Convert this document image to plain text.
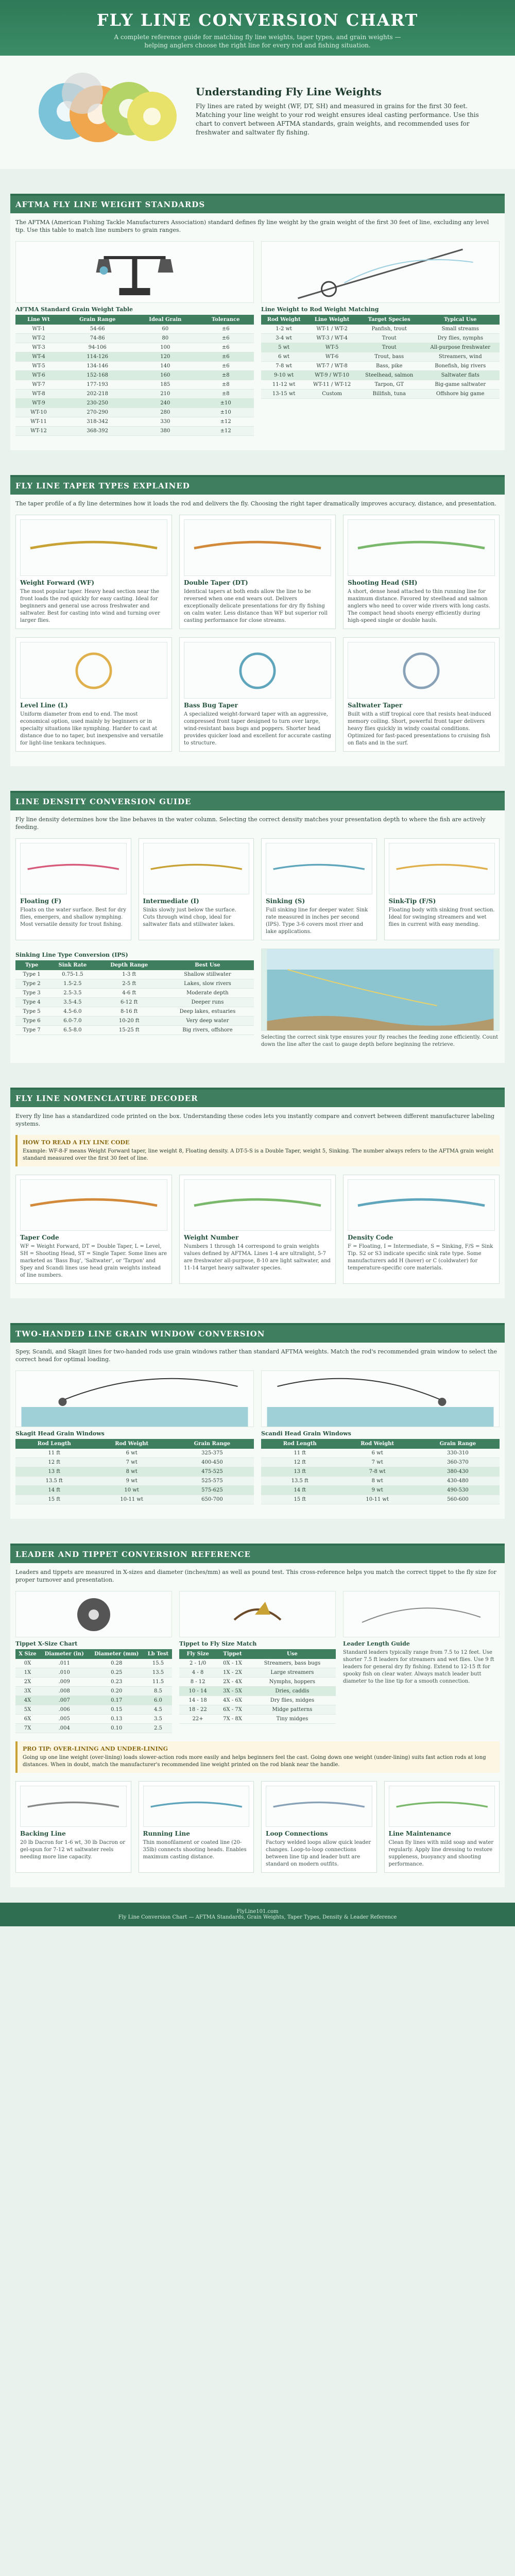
FLY LINE CONVERSION CHART

A complete reference guide for matching fly line weights, taper types, and grain weights — helping anglers choose the right line for every rod and fishing situation.

Understanding Fly Line Weights

Fly lines are rated by weight (WF, DT, SH) and measured in grains for the first 30 feet. Matching your line weight to your rod weight ensures ideal casting performance. Use this chart to convert between AFTMA standards, grain weights, and recommended uses for freshwater and saltwater fly fishing.

AFTMA FLY LINE WEIGHT STANDARDS
The AFTMA (American Fishing Tackle Manufacturers Association) standard defines fly line weight by the grain weight of the first 30 feet of line, excluding any level tip. Use this table to match line numbers to grain ranges.
AFTMA Standard Grain Weight Table
Line Wt	Grain Range	Ideal Grain	Tolerance
WT-1	54-66	60	±6
WT-2	74-86	80	±6
WT-3	94-106	100	±6
WT-4	114-126	120	±6
WT-5	134-146	140	±6
WT-6	152-168	160	±8
WT-7	177-193	185	±8
WT-8	202-218	210	±8
WT-9	230-250	240	±10
WT-10	270-290	280	±10
WT-11	318-342	330	±12
WT-12	368-392	380	±12
Line Weight to Rod Weight Matching
Rod Weight	Line Weight	Target Species	Typical Use
1-2 wt	WT-1 / WT-2	Panfish, trout	Small streams
3-4 wt	WT-3 / WT-4	Trout	Dry flies, nymphs
5 wt	WT-5	Trout	All-purpose freshwater
6 wt	WT-6	Trout, bass	Streamers, wind
7-8 wt	WT-7 / WT-8	Bass, pike	Bonefish, big rivers
9-10 wt	WT-9 / WT-10	Steelhead, salmon	Saltwater flats
11-12 wt	WT-11 / WT-12	Tarpon, GT	Big-game saltwater
13-15 wt	Custom	Billfish, tuna	Offshore big game
FLY LINE TAPER TYPES EXPLAINED
The taper profile of a fly line determines how it loads the rod and delivers the fly. Choosing the right taper dramatically improves accuracy, distance, and presentation.
Weight Forward (WF)

The most popular taper. Heavy head section near the front loads the rod quickly for easy casting. Ideal for beginners and general use across freshwater and saltwater. Best for casting into wind and turning over larger flies.

Double Taper (DT)

Identical tapers at both ends allow the line to be reversed when one end wears out. Delivers exceptionally delicate presentations for dry fly fishing on calm water. Less distance than WF but superior roll casting performance for close streams.

Shooting Head (SH)

A short, dense head attached to thin running line for maximum distance. Favored by steelhead and salmon anglers who need to cover wide rivers with long casts. The compact head shoots energy efficiently during high-speed single or double hauls.

Level Line (L)

Uniform diameter from end to end. The most economical option, used mainly by beginners or in specialty situations like nymphing. Harder to cast at distance due to no taper, but inexpensive and versatile for light-line tenkara techniques.

Bass Bug Taper

A specialized weight-forward taper with an aggressive, compressed front taper designed to turn over large, wind-resistant bass bugs and poppers. Shorter head provides quicker load and excellent for accurate casting to structure.

Saltwater Taper

Built with a stiff tropical core that resists heat-induced memory coiling. Short, powerful front taper delivers heavy flies quickly in windy coastal conditions. Optimized for fast-paced presentations to cruising fish on flats and in the surf.

LINE DENSITY CONVERSION GUIDE
Fly line density determines how the line behaves in the water column. Selecting the correct density matches your presentation depth to where the fish are actively feeding.
Floating (F)

Floats on the water surface. Best for dry flies, emergers, and shallow nymphing. Most versatile density for trout fishing.

Intermediate (I)

Sinks slowly just below the surface. Cuts through wind chop, ideal for saltwater flats and stillwater lakes.

Sinking (S)

Full sinking line for deeper water. Sink rate measured in inches per second (IPS). Type 3-6 covers most river and lake applications.

Sink-Tip (F/S)

Floating body with sinking front section. Ideal for swinging streamers and wet flies in current with easy mending.

Sinking Line Type Conversion (IPS)
Type	Sink Rate	Depth Range	Best Use
Type 1	0.75-1.5	1-3 ft	Shallow stillwater
Type 2	1.5-2.5	2-5 ft	Lakes, slow rivers
Type 3	2.5-3.5	4-6 ft	Moderate depth
Type 4	3.5-4.5	6-12 ft	Deeper runs
Type 5	4.5-6.0	8-16 ft	Deep lakes, estuaries
Type 6	6.0-7.0	10-20 ft	Very deep water
Type 7	6.5-8.0	15-25 ft	Big rivers, offshore

Selecting the correct sink type ensures your fly reaches the feeding zone efficiently. Count down the line after the cast to gauge depth before beginning the retrieve.

FLY LINE NOMENCLATURE DECODER
Every fly line has a standardized code printed on the box. Understanding these codes lets you instantly compare and convert between different manufacturer labeling systems.
HOW TO READ A FLY LINE CODE
Example: WF-8-F means Weight Forward taper, line weight 8, Floating density. A DT-5-S is a Double Taper, weight 5, Sinking. The number always refers to the AFTMA grain weight standard measured over the first 30 feet of line.
Taper Code

WF = Weight Forward, DT = Double Taper, L = Level, SH = Shooting Head, ST = Single Taper. Some lines are marketed as 'Bass Bug', 'Saltwater', or 'Tarpon' and Spey and Scandi lines use head grain weights instead of line numbers.

Weight Number

Numbers 1 through 14 correspond to grain weights values defined by AFTMA. Lines 1-4 are ultralight, 5-7 are freshwater all-purpose, 8-10 are light saltwater, and 11-14 target heavy saltwater species.

Density Code

F = Floating, I = Intermediate, S = Sinking, F/S = Sink Tip. S2 or S3 indicate specific sink rate type. Some manufacturers add H (hover) or C (coldwater) for temperature-specific core materials.

TWO-HANDED LINE GRAIN WINDOW CONVERSION
Spey, Scandi, and Skagit lines for two-handed rods use grain windows rather than standard AFTMA weights. Match the rod's recommended grain window to select the correct head for optimal loading.
Skagit Head Grain Windows
Rod Length	Rod Weight	Grain Range
11 ft	6 wt	325-375
12 ft	7 wt	400-450
13 ft	8 wt	475-525
13.5 ft	9 wt	525-575
14 ft	10 wt	575-625
15 ft	10-11 wt	650-700
Scandi Head Grain Windows
Rod Length	Rod Weight	Grain Range
11 ft	6 wt	330-310
12 ft	7 wt	360-370
13 ft	7-8 wt	380-430
13.5 ft	8 wt	430-480
14 ft	9 wt	490-530
15 ft	10-11 wt	560-600
LEADER AND TIPPET CONVERSION REFERENCE
Leaders and tippets are measured in X-sizes and diameter (inches/mm) as well as pound test. This cross-reference helps you match the correct tippet to the fly size for proper turnover and presentation.
Tippet X-Size Chart
X Size	Diameter (in)	Diameter (mm)	Lb Test
0X	.011	0.28	15.5
1X	.010	0.25	13.5
2X	.009	0.23	11.5
3X	.008	0.20	8.5
4X	.007	0.17	6.0
5X	.006	0.15	4.5
6X	.005	0.13	3.5
7X	.004	0.10	2.5
Tippet to Fly Size Match
Fly Size	Tippet	Use
2 - 1/0	0X - 1X	Streamers, bass bugs
4 - 8	1X - 2X	Large streamers
8 - 12	2X - 4X	Nymphs, hoppers
10 - 14	3X - 5X	Dries, caddis
14 - 18	4X - 6X	Dry flies, midges
18 - 22	6X - 7X	Midge patterns
22+	7X - 8X	Tiny midges
Leader Length Guide

Standard leaders typically range from 7.5 to 12 feet. Use shorter 7.5 ft leaders for streamers and wet flies. Use 9 ft leaders for general dry fly fishing. Extend to 12-15 ft for spooky fish on clear water. Always match leader butt diameter to the line tip for a smooth connection.

PRO TIP: OVER-LINING AND UNDER-LINING
Going up one line weight (over-lining) loads slower-action rods more easily and helps beginners feel the cast. Going down one weight (under-lining) suits fast action rods at long distances. When in doubt, match the manufacturer's recommended line weight printed on the rod blank near the handle.
Backing Line

20 lb Dacron for 1-6 wt, 30 lb Dacron or gel-spun for 7-12 wt saltwater reels needing more line capacity.

Running Line

Thin monofilament or coated line (20-35lb) connects shooting heads. Enables maximum casting distance.

Loop Connections

Factory welded loops allow quick leader changes. Loop-to-loop connections between line tip and leader butt are standard on modern outfits.

Line Maintenance

Clean fly lines with mild soap and water regularly. Apply line dressing to restore suppleness, buoyancy and shooting performance.

FlyLine101.com
Fly Line Conversion Chart — AFTMA Standards, Grain Weights, Taper Types, Density & Leader Reference
